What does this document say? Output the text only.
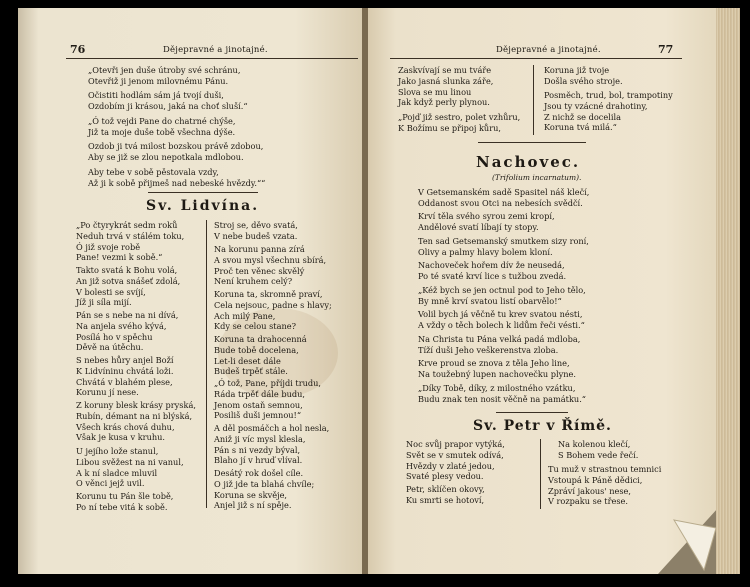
76	Dějepravné a jinotajné.
„Otevři jen duše útroby své schránu,
Otevřiž ji jenom milovnému Pánu.
Očistiti hodlám sám já tvojí duši,
Ozdobím ji krásou, jaká na choť sluší.“
„Ó tož vejdi Pane do chatrné chýše,
Již ta moje duše tobě všechna dýše.
Ozdob ji tvá milost bozskou právě zdobou,
Aby se již se zlou nepotkala mdlobou.
Aby tebe v sobě pěstovala vzdy,
Až ji k sobě přijmeš nad nebeské hvězdy.““
Sv. Lidvína.
„Po čtyrykrát sedm roků
Neduh trvá v stálém toku,
Ó již svoje robě
Pane! vezmi k sobě.“
Takto svatá k Bohu volá,
An již sotva snášeť zdolá,
V bolesti se svíjí,
Jíž ji síla mijí.
Pán se s nebe na ni dívá,
Na anjela svého kývá,
Posílá ho v spěchu
Děvě na útěchu.
S nebes hůry anjel Boží
K Lidvíninu chvátá loži.
Chvátá v blahém plese,
Korunu jí nese.
Z koruny blesk krásy pryská,
Rubín, démant na ni blýská,
Všech krás chová duhu,
Však je kusa v kruhu.
U jejího lože stanul,
Libou svěžest na ni vanul,
A k ní sladce mluvil
O věnci jejž uvil.
Korunu tu Pán šle tobě,
Po ní tebe vitá k sobě.
Stroj se, děvo svatá,
V nebe budeš vzata.
Na korunu panna zírá
A svou mysl všechnu sbírá,
Proč ten věnec skvělý
Není kruhem celý?
Koruna ta, skromně praví,
Cela nejsouc, padne s hlavy;
Ach milý Pane,
Kdy se celou stane?
Koruna ta drahocenná
Bude tobě docelena,
Let-li deset dále
Budeš trpěť stále.
„Ó tož, Pane, příjdi trudu,
Ráda trpěť dále budu,
Jenom ostaň semnou,
Posiliš duši jemnou!“
A děl posmáčch a hol nesla,
Aniž ji víc mysl klesla,
Pán s ni vezdy býval,
Blaho jí v hruď vlíval.
Desátý rok došel cíle.
O již jde ta blahá chvíle;
Koruna se skvěje,
Anjel již s ní spěje.
Dějepravné a jinotajné.	77
Zaskvívají se mu tváře
Jako jasná slunka záře,
Slova se mu linou
Jak když perly plynou.
„Pojď již sestro, polet vzhůru,
K Božímu se připoj kůru,
Koruna již tvoje
Došla svého stroje.
Posmĕch, trud, bol, trampotiny
Jsou ty vzácné drahotiny,
Z nichž se docelila
Koruna tvá milá.“
Nachovec.
(Trifolium incarnatum).
V Getsemanském sadě Spasitel náš klečí,
Oddanost svou Otci na nebesích svědčí.
Krví těla svého syrou zemi kropí,
Andělové svatí líbají ty stopy.
Ten sad Getsemanský smutkem sizy roní,
Olivy a palmy hlavy bolem kloní.
Nachoveček hořem dív že neusedá,
Po té svaté krví lice s tužbou zvedá.
„Kéž bych se jen octnul pod to Jeho tělo,
By mně krví svatou listí obarvělo!“
Volil bych já věčně tu krev svatou nésti,
A vždy o těch bolech k lidům řeči vésti.“
Na Christa tu Pána velká padá mdloba,
Tíží duši Jeho veškerenstva zloba.
Krve proud se znova z těla Jeho line,
Na toužebný lupen nachovečku plyne.
„Díky Tobě, díky, z milostného vzátku,
Budu znak ten nosit věčně na památku.“
Sv. Petr v Římě.
Noc svůj prapor vytýká,
Svět se v smutek odívá,
Hvězdy v zlaté jedou,
Svaté plesy vedou.
Petr, sklíčen okovy,
Ku smrti se hotoví,
Na kolenou klečí,
S Bohem vede řečí.
Tu muž v strastnou temnici
Vstoupá k Páně dědici,
Zpráví jakous' nese,
V rozpaku se třese.
